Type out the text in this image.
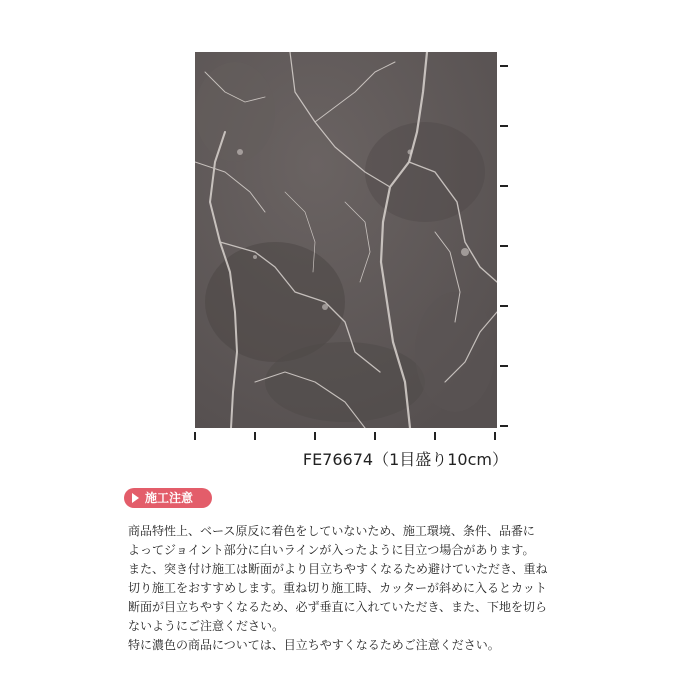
FE76674（1目盛り10cm）
施工注意

商品特性上、ベース原反に着色をしていないため、施工環境、条件、品番に

よってジョイント部分に白いラインが入ったように目立つ場合があります。

また、突き付け施工は断面がより目立ちやすくなるため避けていただき、重ね

切り施工をおすすめします。重ね切り施工時、カッターが斜めに入るとカット

断面が目立ちやすくなるため、必ず垂直に入れていただき、また、下地を切ら

ないようにご注意ください。

特に濃色の商品については、目立ちやすくなるためご注意ください。
